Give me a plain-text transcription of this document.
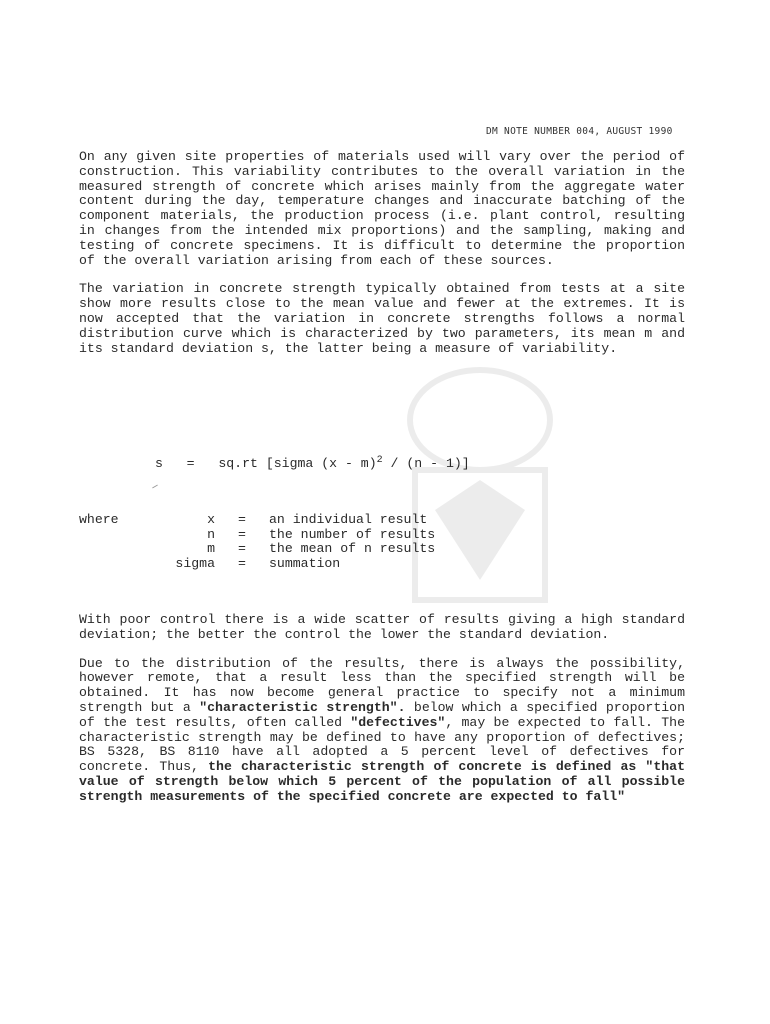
DM NOTE NUMBER 004, AUGUST 1990

On any given site properties of materials used will vary over the period of construction. This variability contributes to the overall variation in the measured strength of concrete which arises mainly from the aggregate water content during the day, temperature changes and inaccurate batching of the component materials, the production process (i.e. plant control, resulting in changes from the intended mix proportions) and the sampling, making and testing of concrete specimens. It is difficult to determine the proportion of the overall variation arising from each of these sources.

The variation in concrete strength typically obtained from tests at a site show more results close to the mean value and fewer at the extremes. It is now accepted that the variation in concrete strengths follows a normal distribution curve which is characterized by two parameters, its mean m and its standard deviation s, the latter being a measure of variability.

s = sq.rt [sigma (x - m)$^2$ / (n - 1)]
where	x	=	an individual result
n	=	the number of results
m	=	the mean of n results
sigma	=	summation

With poor control there is a wide scatter of results giving a high standard deviation; the better the control the lower the standard deviation.

Due to the distribution of the results, there is always the possibility, however remote, that a result less than the specified strength will be obtained. It has now become general practice to specify not a minimum strength but a "characteristic strength". below which a specified proportion of the test results, often called "defectives", may be expected to fall. The characteristic strength may be defined to have any proportion of defectives; BS 5328, BS 8110 have all adopted a 5 percent level of defectives for concrete. Thus, the characteristic strength of concrete is defined as "that value of strength below which 5 percent of the population of all possible strength measurements of the specified concrete are expected to fall"
